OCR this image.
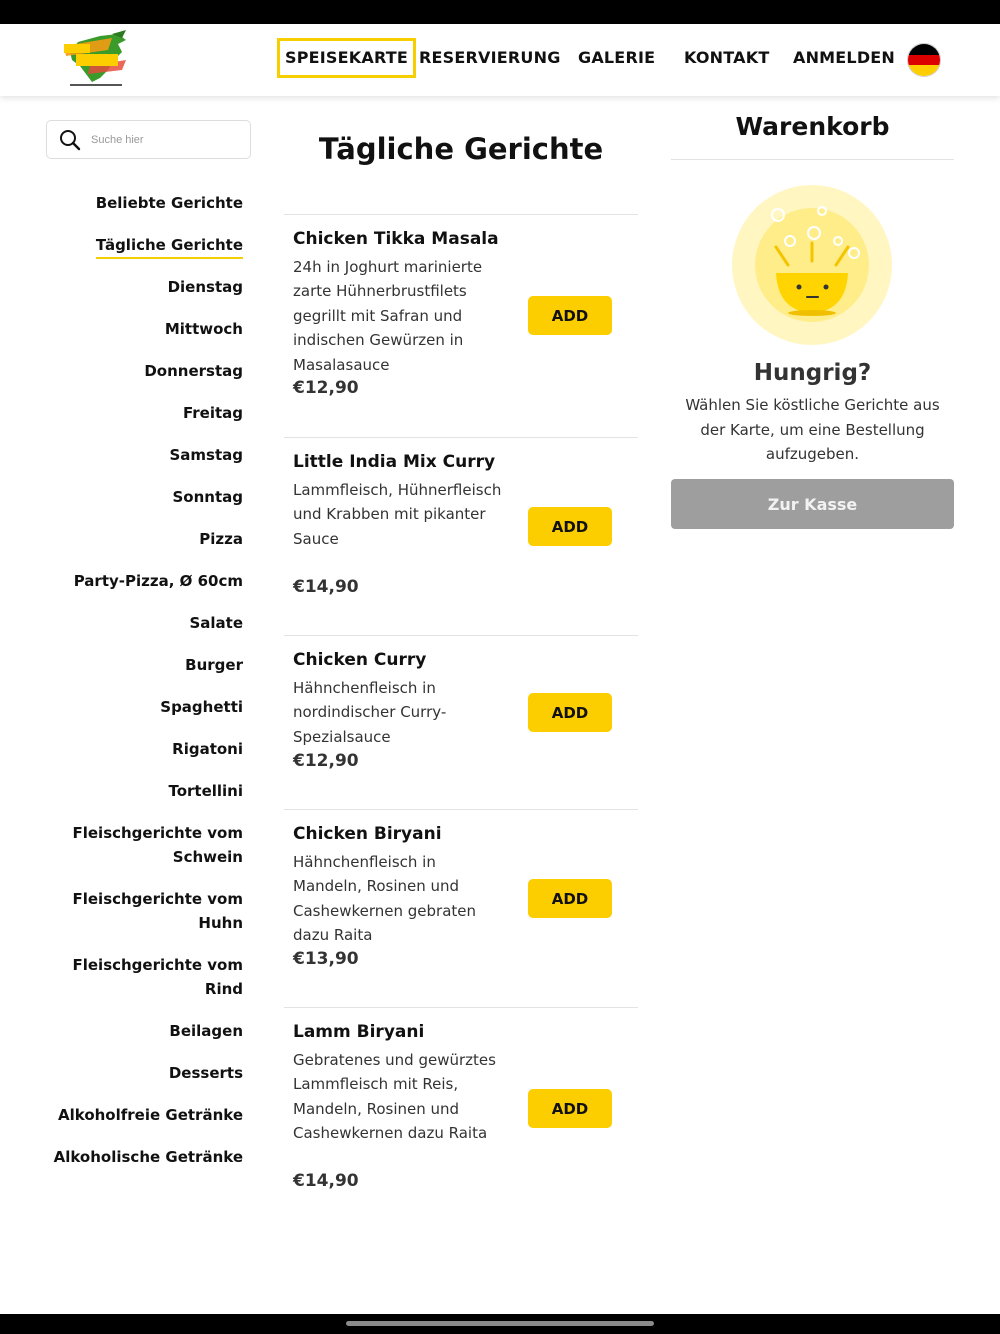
SPEISEKARTE RESERVIERUNG GALERIE KONTAKT ANMELDEN
Suche hier
Beliebte Gerichte
Tägliche Gerichte
Dienstag
Mittwoch
Donnerstag
Freitag
Samstag
Sonntag
Pizza
Party-Pizza, Ø 60cm
Salate
Burger
Spaghetti
Rigatoni
Tortellini
Fleischgerichte vom Schwein
Fleischgerichte vom Huhn
Fleischgerichte vom Rind
Beilagen
Desserts
Alkoholfreie Getränke
Alkoholische Getränke
Tägliche Gerichte
Chicken Tikka Masala
24h in Joghurt marinierte zarte Hühnerbrustfilets gegrillt mit Safran und indischen Gewürzen in Masalasauce
€12,90
ADD
Little India Mix Curry
Lammfleisch, Hühnerfleisch und Krabben mit pikanter Sauce
€14,90
ADD
Chicken Curry
Hähnchenfleisch in nordindischer Curry-Spezialsauce
€12,90
ADD
Chicken Biryani
Hähnchenfleisch in Mandeln, Rosinen und Cashewkernen gebraten dazu Raita
€13,90
ADD
Lamm Biryani
Gebratenes und gewürztes Lammfleisch mit Reis, Mandeln, Rosinen und Cashewkernen dazu Raita
€14,90
ADD
Warenkorb
Hungrig?
Wählen Sie köstliche Gerichte aus der Karte, um eine Bestellung aufzugeben.
Zur Kasse
